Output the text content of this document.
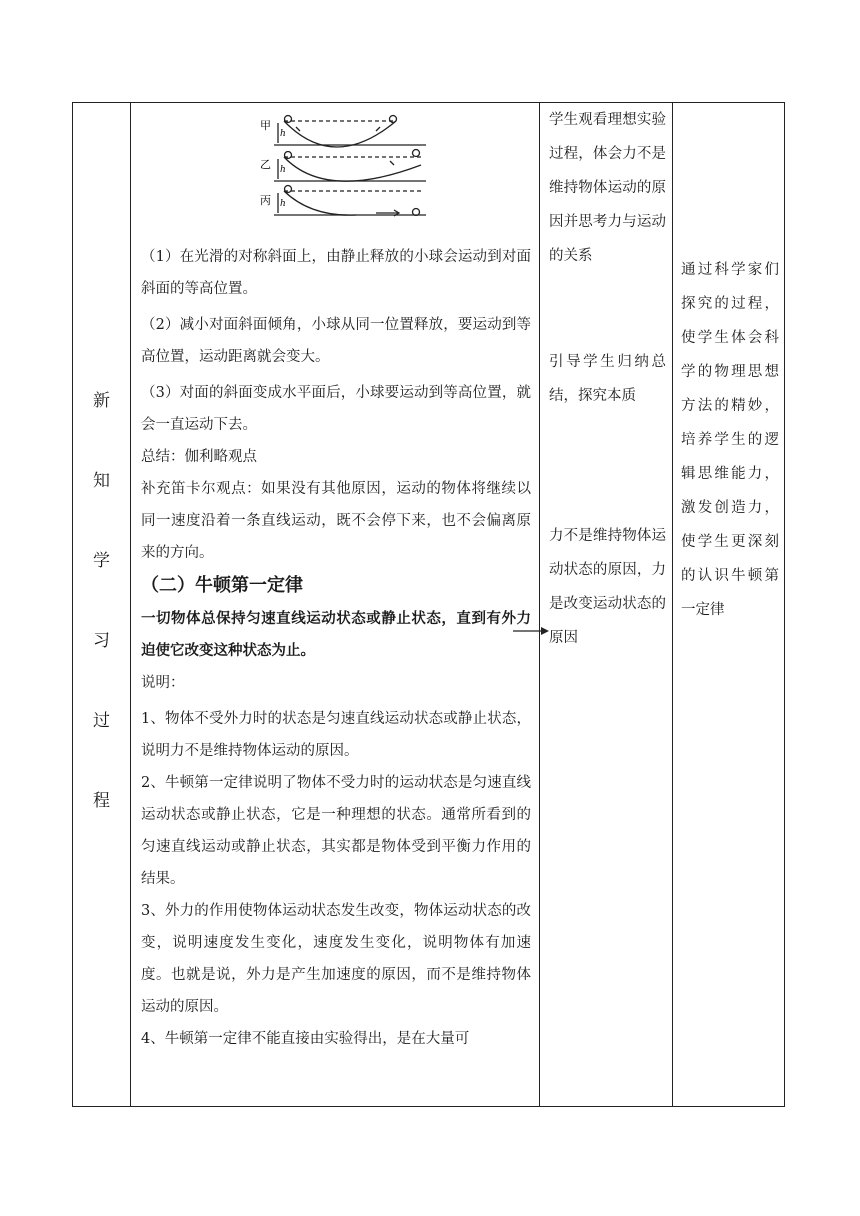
新
知
学
习
过
程
甲
乙
丙
h
h
h

（1）在光滑的对称斜面上，由静止释放的小球会运动到对面斜面的等高位置。

（2）减小对面斜面倾角，小球从同一位置释放，要运动到等高位置，运动距离就会变大。

（3）对面的斜面变成水平面后，小球要运动到等高位置，就会一直运动下去。

总结：伽利略观点

补充笛卡尔观点：如果没有其他原因，运动的物体将继续以同一速度沿着一条直线运动，既不会停下来，也不会偏离原来的方向。

（二）牛顿第一定律

一切物体总保持匀速直线运动状态或静止状态，直到有外力迫使它改变这种状态为止。

说明：

1、物体不受外力时的状态是匀速直线运动状态或静止状态，说明力不是维持物体运动的原因。

2、牛顿第一定律说明了物体不受力时的运动状态是匀速直线运动状态或静止状态，它是一种理想的状态。通常所看到的匀速直线运动或静止状态，其实都是物体受到平衡力作用的结果。

3、外力的作用使物体运动状态发生改变，物体运动状态的改变，说明速度发生变化，速度发生变化，说明物体有加速度。也就是说，外力是产生加速度的原因，而不是维持物体运动的原因。

4、牛顿第一定律不能直接由实验得出，是在大量可

学生观看理想实验过程，体会力不是维持物体运动的原因并思考力与运动的关系

引导学生归纳总结，探究本质

力不是维持物体运动状态的原因，力是改变运动状态的原因

通过科学家们探究的过程，使学生体会科学的物理思想方法的精妙，培养学生的逻辑思维能力，激发创造力，使学生更深刻的认识牛顿第一定律
